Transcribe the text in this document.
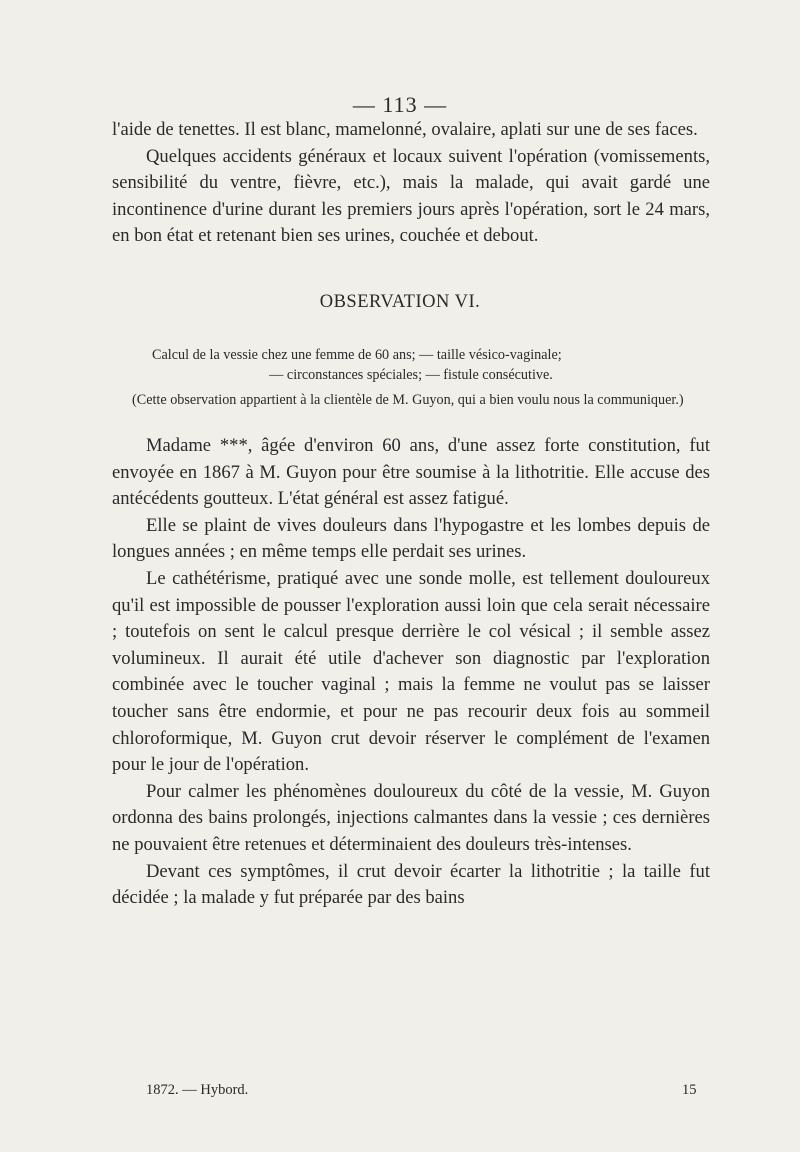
— 113 —

l'aide de tenettes. Il est blanc, mamelonné, ovalaire, aplati sur une de ses faces.

Quelques accidents généraux et locaux suivent l'opération (vomissements, sensibilité du ventre, fièvre, etc.), mais la malade, qui avait gardé une incontinence d'urine durant les premiers jours après l'opération, sort le 24 mars, en bon état et retenant bien ses urines, couchée et debout.

OBSERVATION VI.

Calcul de la vessie chez une femme de 60 ans; — taille vésico-vaginale;

— circonstances spéciales; — fistule consécutive.

(Cette observation appartient à la clientèle de M. Guyon, qui a bien voulu nous la communiquer.)

Madame ***, âgée d'environ 60 ans, d'une assez forte constitution, fut envoyée en 1867 à M. Guyon pour être soumise à la lithotritie. Elle accuse des antécédents goutteux. L'état général est assez fatigué.

Elle se plaint de vives douleurs dans l'hypogastre et les lombes depuis de longues années ; en même temps elle perdait ses urines.

Le cathétérisme, pratiqué avec une sonde molle, est tellement douloureux qu'il est impossible de pousser l'exploration aussi loin que cela serait nécessaire ; toutefois on sent le calcul presque derrière le col vésical ; il semble assez volumineux. Il aurait été utile d'achever son diagnostic par l'exploration combinée avec le toucher vaginal ; mais la femme ne voulut pas se laisser toucher sans être endormie, et pour ne pas recourir deux fois au sommeil chloroformique, M. Guyon crut devoir réserver le complément de l'examen pour le jour de l'opération.

Pour calmer les phénomènes douloureux du côté de la vessie, M. Guyon ordonna des bains prolongés, injections calmantes dans la vessie ; ces dernières ne pouvaient être retenues et déterminaient des douleurs très-intenses.

Devant ces symptômes, il crut devoir écarter la lithotritie ; la taille fut décidée ; la malade y fut préparée par des bains

1872. — Hybord.	15
